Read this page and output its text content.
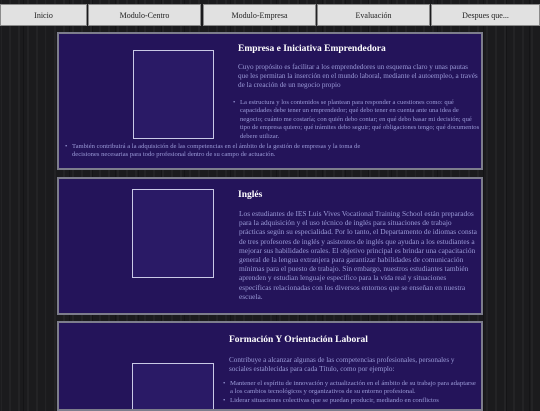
Inicio	Modulo-Centro	Modulo-Empresa	Evaluación	Despues que...
Empresa e Iniciativa Emprendedora

Cuyo propósito es facilitar a los emprendedores un esquema claro y unas pautas que les permitan la inserción en el mundo laboral, mediante el autoempleo, a través de la creación de un negocio propio

• La estructura y los contenidos se plantean para responder a cuestiones como: qué capacidades debe tener un emprendedor; qué debo tener en cuenta ante una idea de negocio; cuánto me costaría; con quién debo contar; en qué debo basar mi decisión; qué tipo de empresa quiero; qué trámites debo seguir; qué obligaciones tengo; qué documentos debere utilizar.
• También contribuirá a la adquisición de las competencias en el ámbito de la gestión de empresas y la toma de decisiones necesarias para todo profesional dentro de su campo de actuación.
Inglés
Los estudiantes de IES Luis Vives Vocational Training School están preparados para la adquisición y el uso técnico de inglés para situaciones de trabajo prácticas según su especialidad. Por lo tanto, el Departamento de idiomas consta de tres profesores de inglés y asistentes de inglés que ayudan a los estudiantes a mejorar sus habilidades orales. El objetivo principal es brindar una capacitación general de la lengua extranjera para garantizar habilidades de comunicación mínimas para el puesto de trabajo. Sin embargo, nuestros estudiantes también aprenden y estudian lenguaje específico para la vida real y situaciones específicas relacionadas con los diversos entornos que se enseñan en nuestra escuela.
Formación Y Orientación Laboral

Contribuye a alcanzar algunas de las competencias profesionales, personales y sociales establecidas para cada Título, como por ejemplo:

• Mantener el espíritu de innovación y actualización en el ámbito de su trabajo para adaptarse a los cambios tecnológicos y organizativos de su entorno profesional.
• Liderar situaciones colectivas que se puedan producir, mediando en conflictos
